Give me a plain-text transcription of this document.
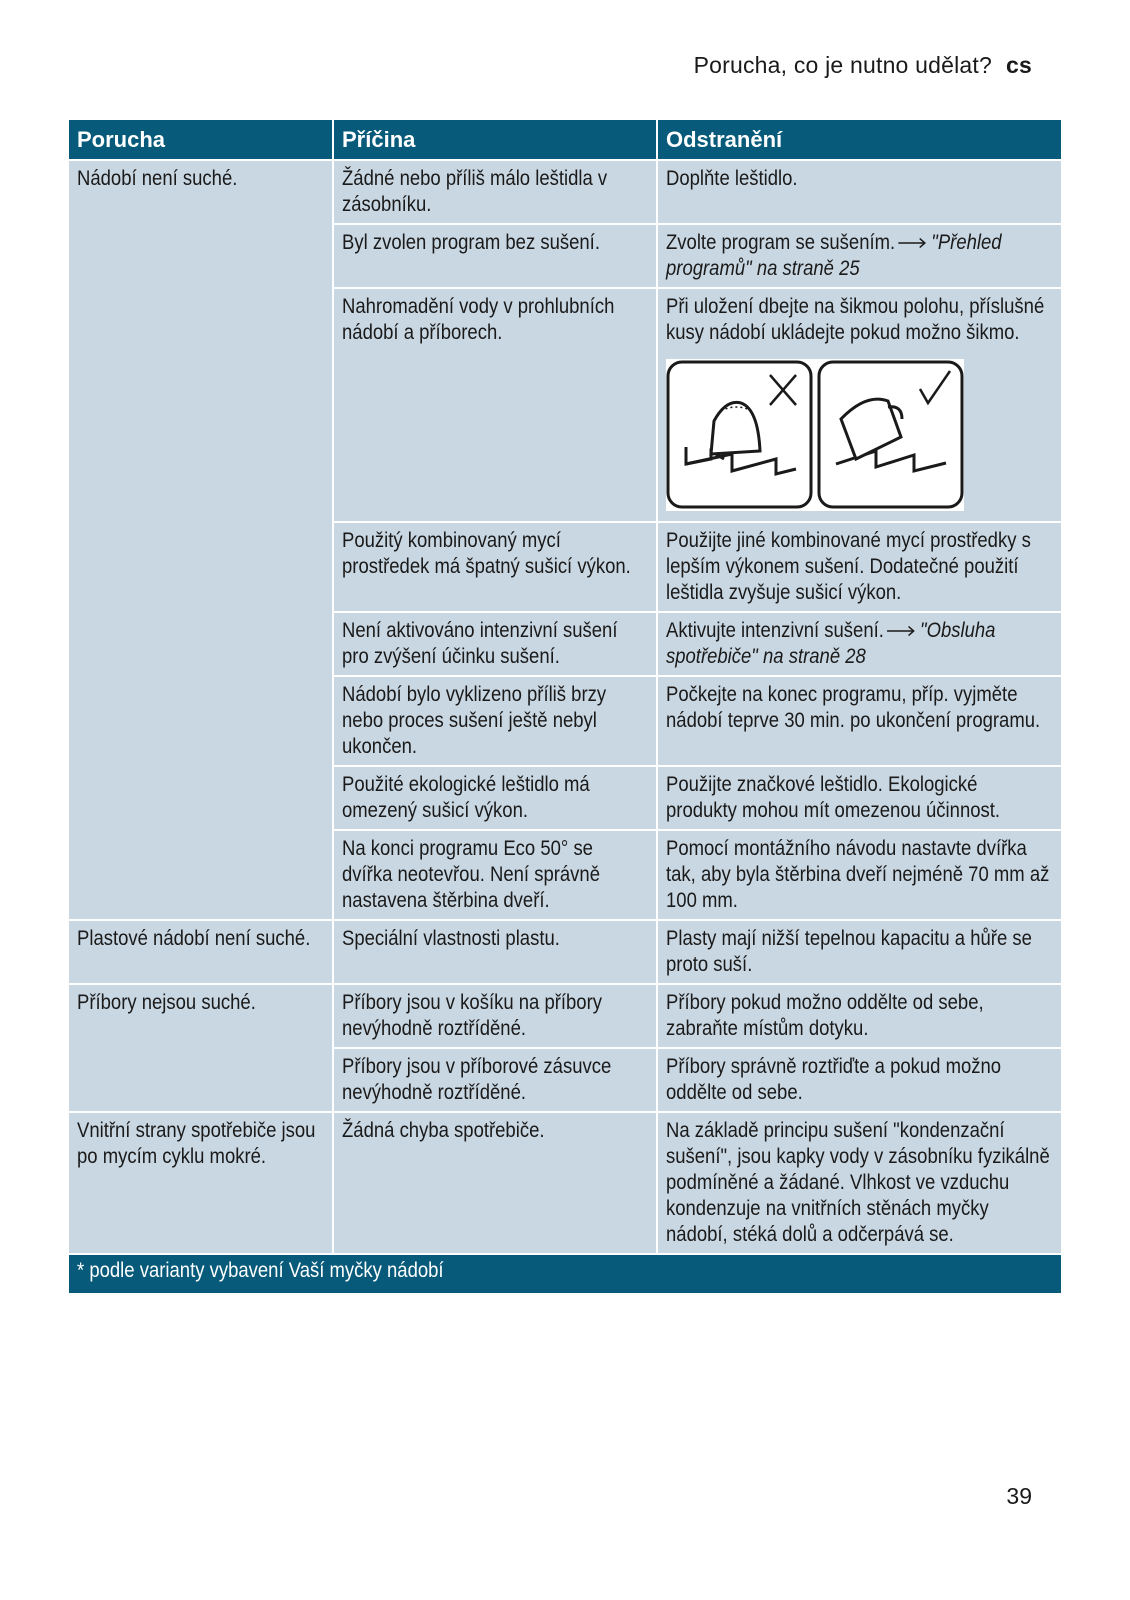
Porucha, co je nutno udělat? cs
Porucha	Příčina	Odstranění
Nádobí není suché.	Žádné nebo příliš málo leštidla v zásobníku.	Doplňte leštidlo.
	Byl zvolen program bez sušení.	Zvolte program se sušením. "Přehled programů" na straně 25
	Nahromadění vody v prohlubních nádobí a příborech.	Při uložení dbejte na šikmou polohu, příslušné kusy nádobí ukládejte pokud možno šikmo.

	Použitý kombinovaný mycí prostředek má špatný sušicí výkon.	Použijte jiné kombinované mycí prostředky s lepším výkonem sušení. Dodatečné použití leštidla zvyšuje sušicí výkon.
	Není aktivováno intenzivní sušení pro zvýšení účinku sušení.	Aktivujte intenzivní sušení. "Obsluha spotřebiče" na straně 28
	Nádobí bylo vyklizeno příliš brzy nebo proces sušení ještě nebyl ukončen.	Počkejte na konec programu, příp. vyjměte nádobí teprve 30 min. po ukončení programu.
	Použité ekologické leštidlo má omezený sušicí výkon.	Použijte značkové leštidlo. Ekologické produkty mohou mít omezenou účinnost.
	Na konci programu Eco 50° se dvířka neotevřou. Není správně nastavena štěrbina dveří.	Pomocí montážního návodu nastavte dvířka tak, aby byla štěrbina dveří nejméně 70 mm až 100 mm.
Plastové nádobí není suché.	Speciální vlastnosti plastu.	Plasty mají nižší tepelnou kapacitu a hůře se proto suší.
Příbory nejsou suché.	Příbory jsou v košíku na příbory nevýhodně roztříděné.	Příbory pokud možno oddělte od sebe, zabraňte místům dotyku.
	Příbory jsou v příborové zásuvce nevýhodně roztříděné.	Příbory správně roztřiďte a pokud možno oddělte od sebe.
Vnitřní strany spotřebiče jsou po mycím cyklu mokré.	Žádná chyba spotřebiče.	Na základě principu sušení "kondenzační sušení", jsou kapky vody v zásobníku fyzikálně podmíněné a žádané. Vlhkost ve vzduchu kondenzuje na vnitřních stěnách myčky nádobí, stéká dolů a odčerpává se.
* podle varianty vybavení Vaší myčky nádobí		
39
